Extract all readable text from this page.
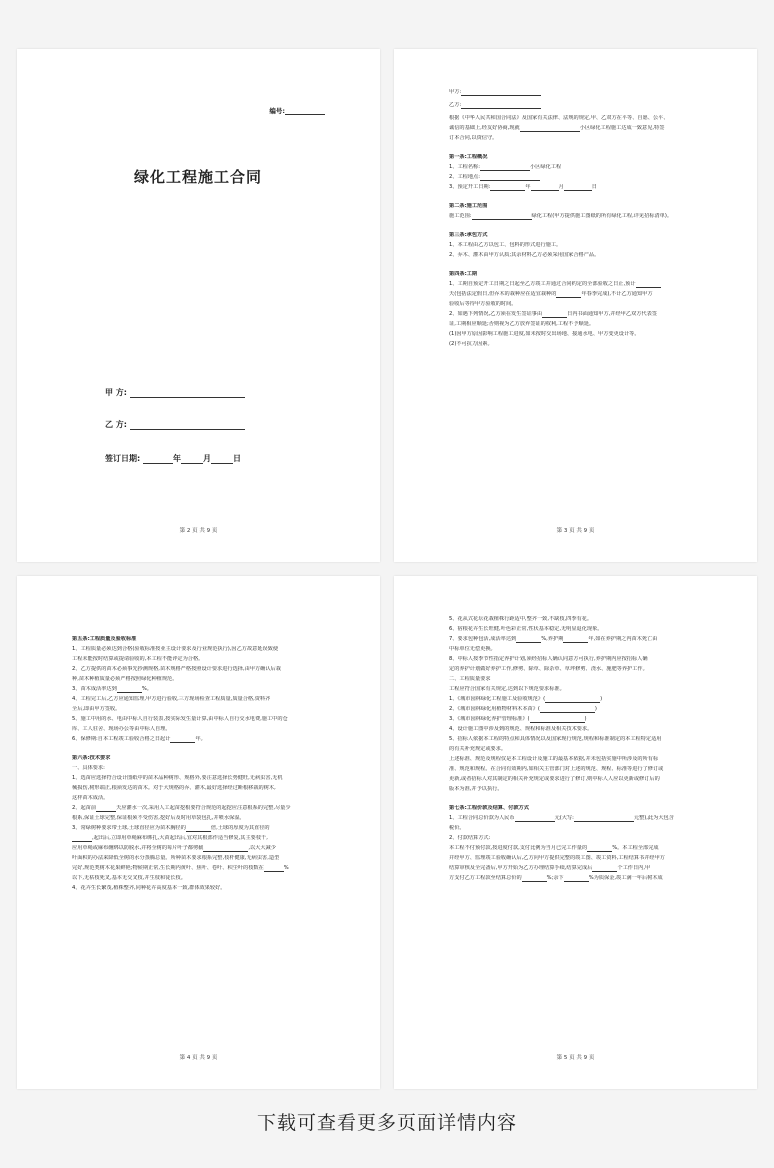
编号:
绿化工程施工合同
甲 方:
乙 方:
签订日期:	年	月	日
第 2 页 共 9 页
甲方:
乙方:
根据《中华人民共和国合同法》及国家有关法律、法规的规定,甲、乙双方在平等、自愿、公平、
诚信的基础上,经友好协商,现就	小区绿化工程施工达成一致意见,特签
订本合同,以资信守。
第一条:工程概况
1、工程名称:	小区绿化工程
2、工程地点:
3、预定开工日期:	年	月	日
第二条:施工范围
施工范围:	绿化工程(甲方提供施工图纸的所有绿化工程,详见招标清单)。
第三条:承包方式
1、本工程由乙方以包工、包料的形式进行施工。
2、乔木、灌木由甲方认质;其余材料乙方必须采用国家合格产品。
第四条:工期
1、工期自预定开工日期之日起至乙方竣工并通过合同约定的全部验收之日止,预计
天(包括法定假日,但乔木的栽种应在适宜栽种的	年春季完成),不计乙方通知甲方
验收后等待甲方验收的时间。
2、如遇下列情况,乙方须在发生签证事由	日内书面通知甲方,并经甲乙双方代表签
证,工期相应顺延;否则视为乙方放弃签证的权利,工程不予顺延。
(1)因甲方原因影响工程施工进度,如未按时交出场地、接通水电、甲方变更设计等。
(2)不可抗力因素。
第 3 页 共 9 页
第五条:工程质量及验收标准
1、工程质量必须达到合格(验收标准按业主设计要求及行业规范执行),因乙方故意延误致使
工程未能按时结算或提请验收的,本工程不能评定为合格。
2、乙方提供的苗木必须事先抄测规格,苗木规格严格按照设计要求进行选择,由甲方确认后栽
种,苗木种植质量必须严格按照绿化种植规范。
3、苗木成活率达到	%。
4、工程完工后,乙方应通知监理,甲方进行验收,三方现场检查工程质量,质量合格,资料齐
全后,即由甲方签收。
5、施工中用的水、电由中标人自行装表,按实际发生量计算,由中标人自行交水电费,施工中的仓
库、工人驻舍、现场办公等由中标人自理。
6、保修期:自本工程竣工验收合格之日起计	年。
第六条:技术要求
一、具体要求:
1、选苗应选择符合设计图纸中的苗木品种树形、规格外,要注意选择长势健旺,无病虫害,无机
械损伤,树形端正,根须发达的苗木。对于大规格的乔、灌木,最好选择经过断根移栽的树木,
这样苗木成活。
2、起苗前	天应灌水一次,采用人工起苗挖根要符合规范的起挖应注意根系的完整,尽量少
根系,保证土球完整,保证根须不受伤害,挖好后及时用草袋包扎,并喷水保湿。
3、常绿树种要求带土球,土球直径应为苗木胸径的	倍,土球的厚度为其直径的
,起出后,立即用草绳麻布绑扎,大苗起出后,宜对其根部作适当修复,其主要枝干,
应用草绳或麻布缠绑以防脱水,并将全树的每片叶子都剪截	,以大大减少
叶面积的办法来降低全树的水分蒸腾总量。所种苗木要求根系完整,枝杆健康,无病虫害,造型
完好,规范类树木花果鲜艳;物候期正常,生长期内黄叶、焦叶、卷叶、积尘叶的枝数在	%
以下,无枯枝死叉,基本无交叉枝,并生枝和徒长枝。
4、花卉生长繁茂,植株整齐,同种花卉高度基本一致,群体效果较好。
第 4 页 共 9 页
5、花从式花坛花栽植株行距适中,整齐一致,不缺枝,四季有花。
6、宿根花卉生长旺健,叶色彩正常,性状基本稳定,无明显退化现象。
7、要求包种包活,成活率达到	%,养护期	年,如在养护期之内苗木死亡由
中标单位无偿更换。
8、中标人按季节性指定养护计划,须经招标人确认同意方可执行,养护期内应按招标人确
定的养护计划做好养护工作,修剪、除草、除杂草、草坪修剪、浇水、施肥等养护工作。
二、工程质量要求
工程应符合国家有关规定,达到以下规范要求标准。
1、《城市园林绿化工程施工及验收规范》(	)
2、《城市园林绿化用植物材料木本苗》(	)
3、《城市园林绿化养护管理标准》(	)
4、设计施工图中涉及到的规范、规程和标准及相关技术要求。
5、招标人依据本工程的特点和具体情况以及国家现行规范,规程和标准制定的本工程特定适用
的有关补充规定或要求。
上述标准、规范及规程仅是本工程设计及施工的最基本依据,并未包括实施中所涉及的所有标
准、规范和规程。在合同有效期内,如相关主管部门对上述的规范、规程、标准等进行了修订或
更新,或者招标人对其制定的相关补充规定或要求进行了修订,则中标人人应以更新或修订后的
版本为准,并予以执行。
第七条:工程价款及结算、付款方式
1、工程合同总价款为人民币	元(大写:	元整),此为大包含
税价。
2、付款结算方式:
本工程不付预付款,按进度付款,支付比例为当月已完工作量的	%。本工程全部完成
并经甲方、监理竣工验收确认后,乙方向甲方提供完整的竣工图、竣工资料,工程结算书并经甲方
结算审核及全完备后,甲方开始为乙方办理结算手续,结算完成后	个工作日内,甲
方支付乙方工程款至结算总价的	%;余下	%为质保金,竣工满一年后树木成
第 5 页 共 9 页
下载可查看更多页面详情内容
